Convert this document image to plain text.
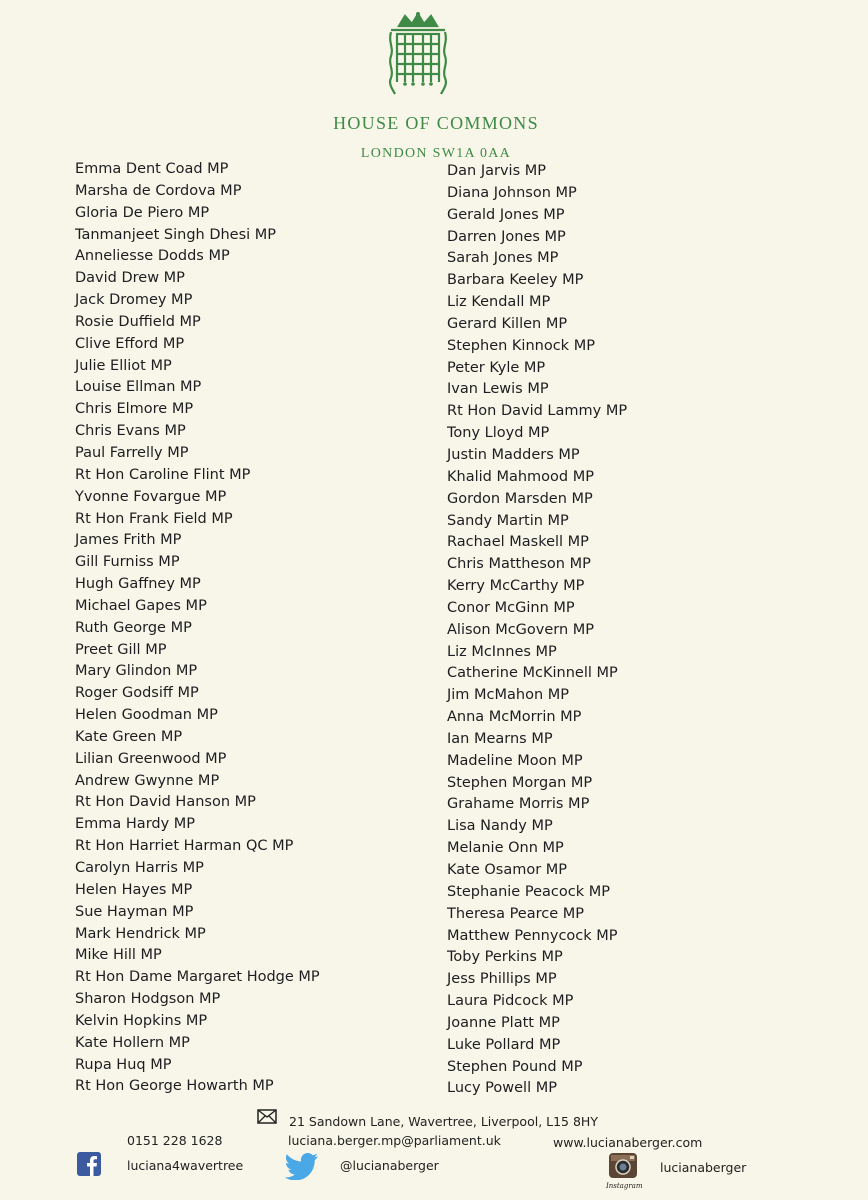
HOUSE OF COMMONS
LONDON SW1A 0AA
Emma Dent Coad MP
Marsha de Cordova MP
Gloria De Piero MP
Tanmanjeet Singh Dhesi MP
Anneliesse Dodds MP
David Drew MP
Jack Dromey MP
Rosie Duffield MP
Clive Efford MP
Julie Elliot MP
Louise Ellman MP
Chris Elmore MP
Chris Evans MP
Paul Farrelly MP
Rt Hon Caroline Flint MP
Yvonne Fovargue MP
Rt Hon Frank Field MP
James Frith MP
Gill Furniss MP
Hugh Gaffney MP
Michael Gapes MP
Ruth George MP
Preet Gill MP
Mary Glindon MP
Roger Godsiff MP
Helen Goodman MP
Kate Green MP
Lilian Greenwood MP
Andrew Gwynne MP
Rt Hon David Hanson MP
Emma Hardy MP
Rt Hon Harriet Harman QC MP
Carolyn Harris MP
Helen Hayes MP
Sue Hayman MP
Mark Hendrick MP
Mike Hill MP
Rt Hon Dame Margaret Hodge MP
Sharon Hodgson MP
Kelvin Hopkins MP
Kate Hollern MP
Rupa Huq MP
Rt Hon George Howarth MP
Dan Jarvis MP
Diana Johnson MP
Gerald Jones MP
Darren Jones MP
Sarah Jones MP
Barbara Keeley MP
Liz Kendall MP
Gerard Killen MP
Stephen Kinnock MP
Peter Kyle MP
Ivan Lewis MP
Rt Hon David Lammy MP
Tony Lloyd MP
Justin Madders MP
Khalid Mahmood MP
Gordon Marsden MP
Sandy Martin MP
Rachael Maskell MP
Chris Mattheson MP
Kerry McCarthy MP
Conor McGinn MP
Alison McGovern MP
Liz McInnes MP
Catherine McKinnell MP
Jim McMahon MP
Anna McMorrin MP
Ian Mearns MP
Madeline Moon MP
Stephen Morgan MP
Grahame Morris MP
Lisa Nandy MP
Melanie Onn MP
Kate Osamor MP
Stephanie Peacock MP
Theresa Pearce MP
Matthew Pennycock MP
Toby Perkins MP
Jess Phillips MP
Laura Pidcock MP
Joanne Platt MP
Luke Pollard MP
Stephen Pound MP
Lucy Powell MP
21 Sandown Lane, Wavertree, Liverpool, L15 8HY
0151 228 1628	luciana.berger.mp@parliament.uk	www.lucianaberger.com
luciana4wavertree	@lucianaberger
Instagram
lucianaberger
